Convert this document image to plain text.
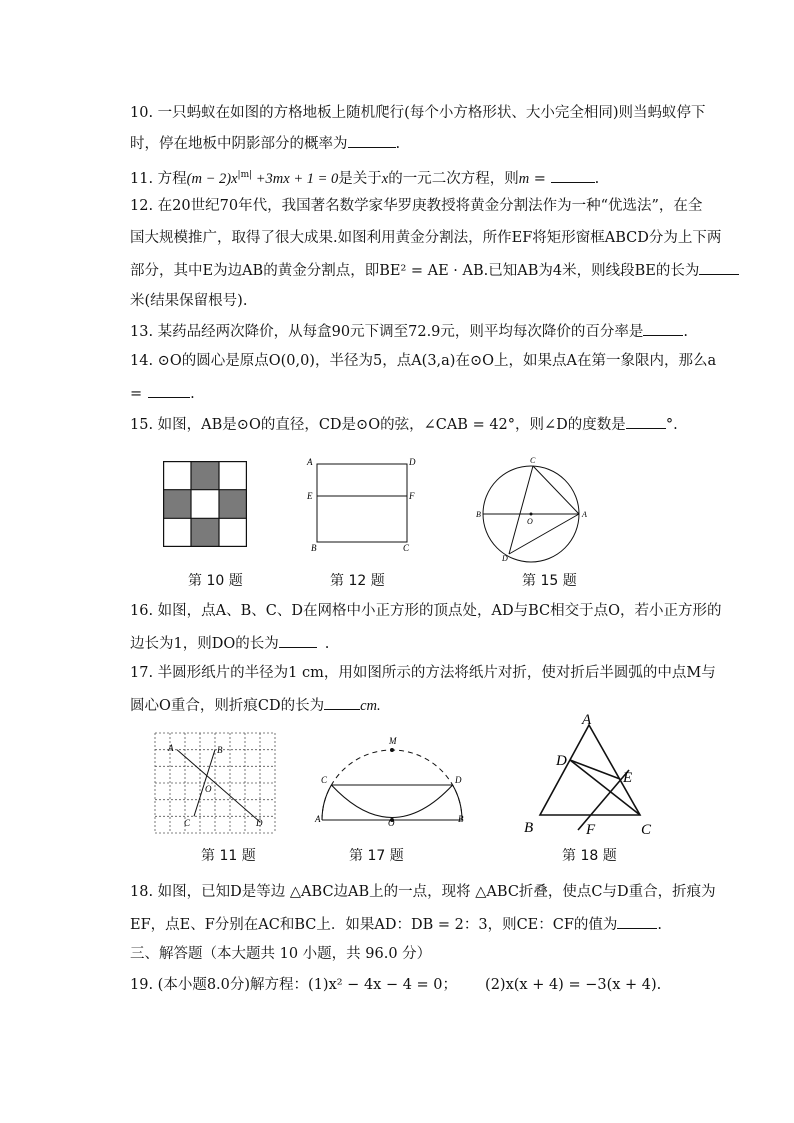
10. 一只蚂蚁在如图的方格地板上随机爬行(每个小方格形状、大小完全相同)则当蚂蚁停下
时，停在地板中阴影部分的概率为	.
11. 方程$(m - 2)x^{|m|} +3mx + 1 = 0$是关于x的一元二次方程，则m =	.
12. 在20世纪70年代，我国著名数学家华罗庚教授将黄金分割法作为一种“优选法”，在全
国大规模推广，取得了很大成果.如图利用黄金分割法，所作EF将矩形窗框ABCD分为上下两
部分，其中E为边AB的黄金分割点，即BE² = AE · AB.已知AB为4米，则线段BE的长为
米(结果保留根号).
13. 某药品经两次降价，从每盒90元下调至72.9元，则平均每次降价的百分率是	.
14. ⊙O的圆心是原点O(0,0)，半径为5，点A(3,a)在⊙O上，如果点A在第一象限内，那么a
=	.
15. 如图，AB是⊙O的直径，CD是⊙O的弦，∠CAB = 42°，则∠D的度数是	°.
A	D
E	F
B	C
C
B	A
O
D
第 10 题	第 12 题	第 15 题
16. 如图，点A、B、C、D在网格中小正方形的顶点处，AD与BC相交于点O，若小正方形的
边长为1，则DO的长为	.
17. 半圆形纸片的半径为1 cm，用如图所示的方法将纸片对折，使对折后半圆弧的中点M与
圆心O重合，则折痕CD的长为 cm.
A	B
O
C	D
M
C	D
A	B
O
A
D
E
B	F	C
第 11 题	第 17 题	第 18 题
18. 如图，已知D是等边 △ABC边AB上的一点，现将 △ABC折叠，使点C与D重合，折痕为
EF，点E、F分别在AC和BC上．如果AD：DB = 2：3，则CE：CF的值为	.
三、解答题（本大题共 10 小题，共 96.0 分）
19. (本小题8.0分)解方程：(1)x² − 4x − 4 = 0； (2)x(x + 4) = −3(x + 4).
